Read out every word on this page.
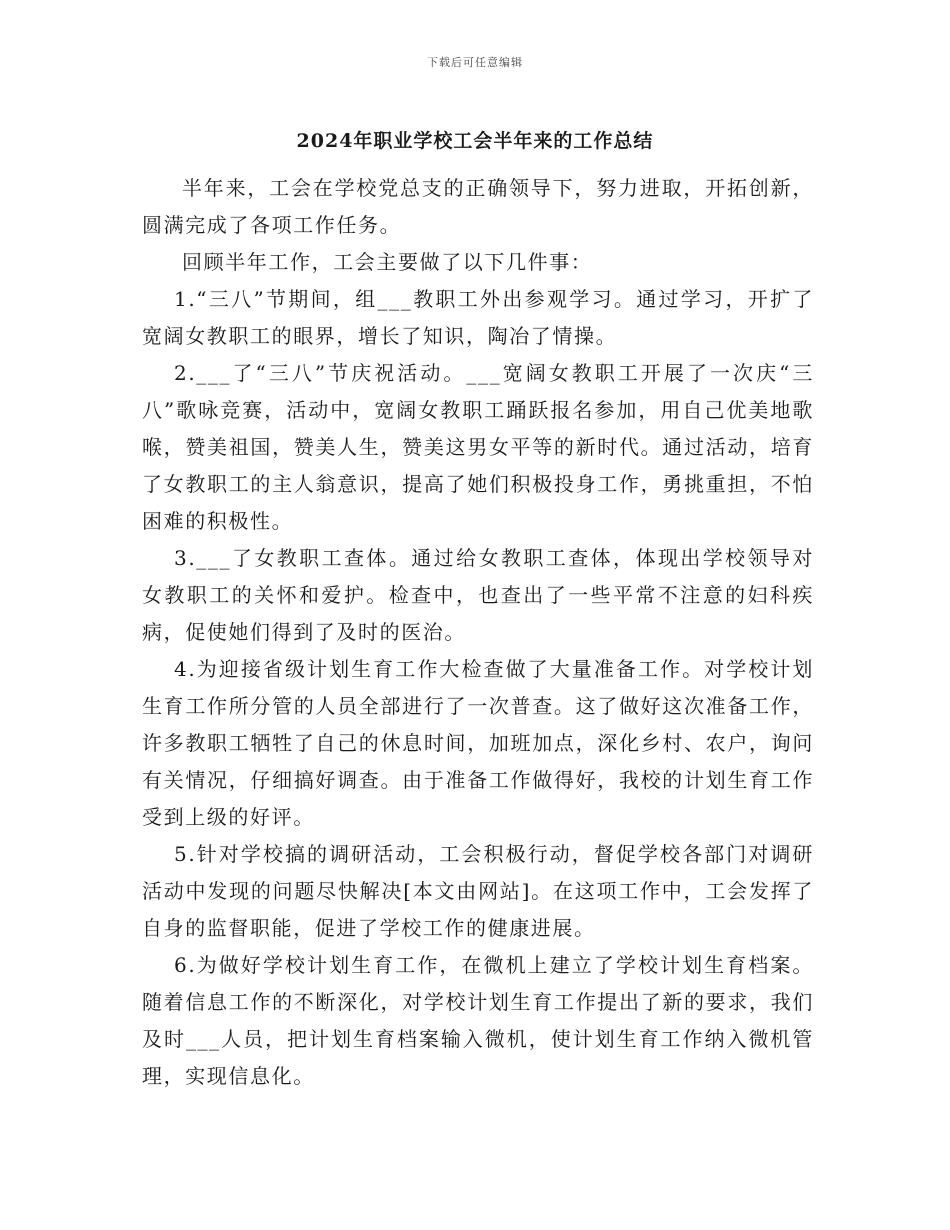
下载后可任意编辑
2024年职业学校工会半年来的工作总结

半年来，工会在学校党总支的正确领导下，努力进取，开拓创新，圆满完成了各项工作任务。

回顾半年工作，工会主要做了以下几件事：

1.“三八”节期间，组___教职工外出参观学习。通过学习，开扩了宽阔女教职工的眼界，增长了知识，陶冶了情操。

2.___了“三八”节庆祝活动。___宽阔女教职工开展了一次庆“三八”歌咏竞赛，活动中，宽阔女教职工踊跃报名参加，用自己优美地歌喉，赞美祖国，赞美人生，赞美这男女平等的新时代。通过活动，培育了女教职工的主人翁意识，提高了她们积极投身工作，勇挑重担，不怕困难的积极性。

3.___了女教职工查体。通过给女教职工查体，体现出学校领导对女教职工的关怀和爱护。检查中，也查出了一些平常不注意的妇科疾病，促使她们得到了及时的医治。

4.为迎接省级计划生育工作大检查做了大量准备工作。对学校计划生育工作所分管的人员全部进行了一次普查。这了做好这次准备工作，许多教职工牺牲了自己的休息时间，加班加点，深化乡村、农户，询问有关情况，仔细搞好调查。由于准备工作做得好，我校的计划生育工作受到上级的好评。

5.针对学校搞的调研活动，工会积极行动，督促学校各部门对调研活动中发现的问题尽快解决[本文由网站]。在这项工作中，工会发挥了自身的监督职能，促进了学校工作的健康进展。

6.为做好学校计划生育工作，在微机上建立了学校计划生育档案。随着信息工作的不断深化，对学校计划生育工作提出了新的要求，我们及时___人员，把计划生育档案输入微机，使计划生育工作纳入微机管理，实现信息化。
